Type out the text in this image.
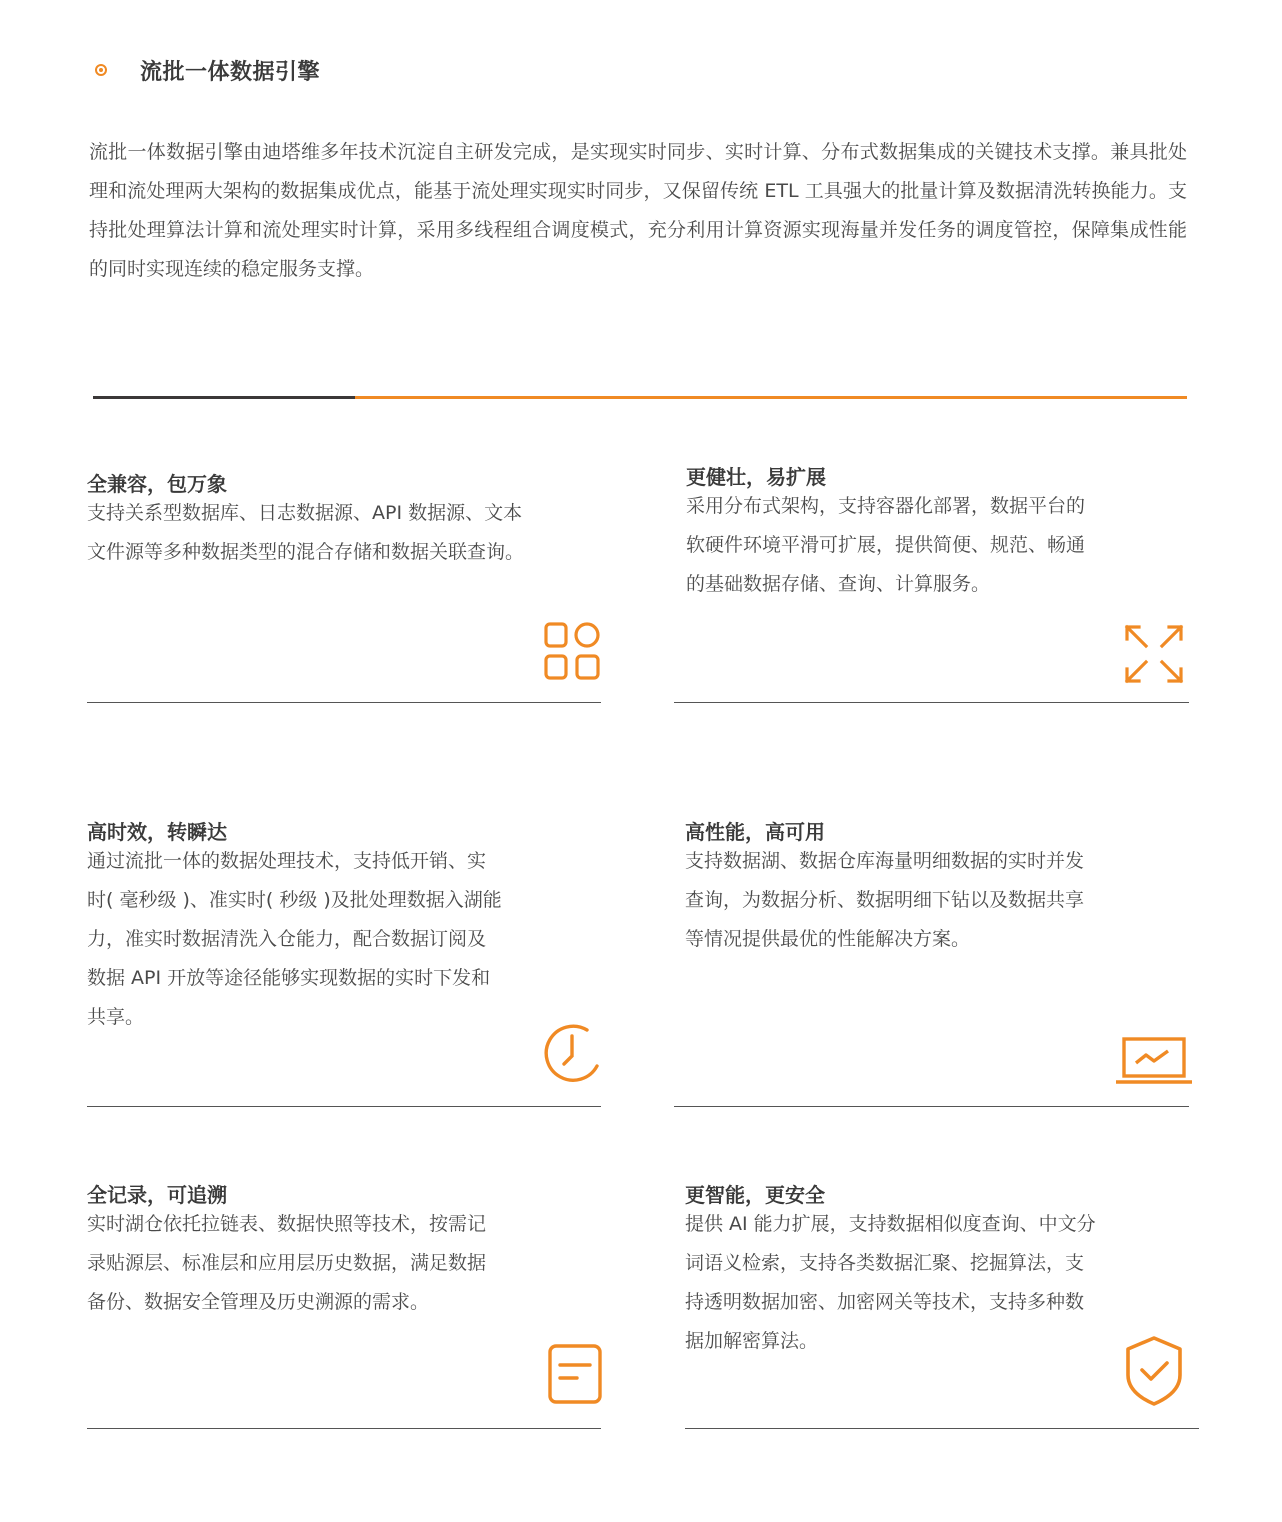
流批一体数据引擎

流批一体数据引擎由迪塔维多年技术沉淀自主研发完成，是实现实时同步、实时计算、分布式数据集成的关键技术支撑。兼具批处理和流处理两大架构的数据集成优点，能基于流处理实现实时同步，又保留传统 ETL 工具强大的批量计算及数据清洗转换能力。支持批处理算法计算和流处理实时计算，采用多线程组合调度模式，充分利用计算资源实现海量并发任务的调度管控，保障集成性能的同时实现连续的稳定服务支撑。

全兼容，包万象

支持关系型数据库、日志数据源、API 数据源、文本文件源等多种数据类型的混合存储和数据关联查询。

更健壮，易扩展

采用分布式架构，支持容器化部署，数据平台的软硬件环境平滑可扩展，提供简便、规范、畅通的基础数据存储、查询、计算服务。

高时效，转瞬达

通过流批一体的数据处理技术，支持低开销、实时( 毫秒级 )、准实时( 秒级 )及批处理数据入湖能力，准实时数据清洗入仓能力，配合数据订阅及数据 API 开放等途径能够实现数据的实时下发和共享。

高性能，高可用

支持数据湖、数据仓库海量明细数据的实时并发查询，为数据分析、数据明细下钻以及数据共享等情况提供最优的性能解决方案。

全记录，可追溯

实时湖仓依托拉链表、数据快照等技术，按需记录贴源层、标准层和应用层历史数据，满足数据备份、数据安全管理及历史溯源的需求。

更智能，更安全

提供 AI 能力扩展，支持数据相似度查询、中文分词语义检索，支持各类数据汇聚、挖掘算法，支持透明数据加密、加密网关等技术，支持多种数据加解密算法。
